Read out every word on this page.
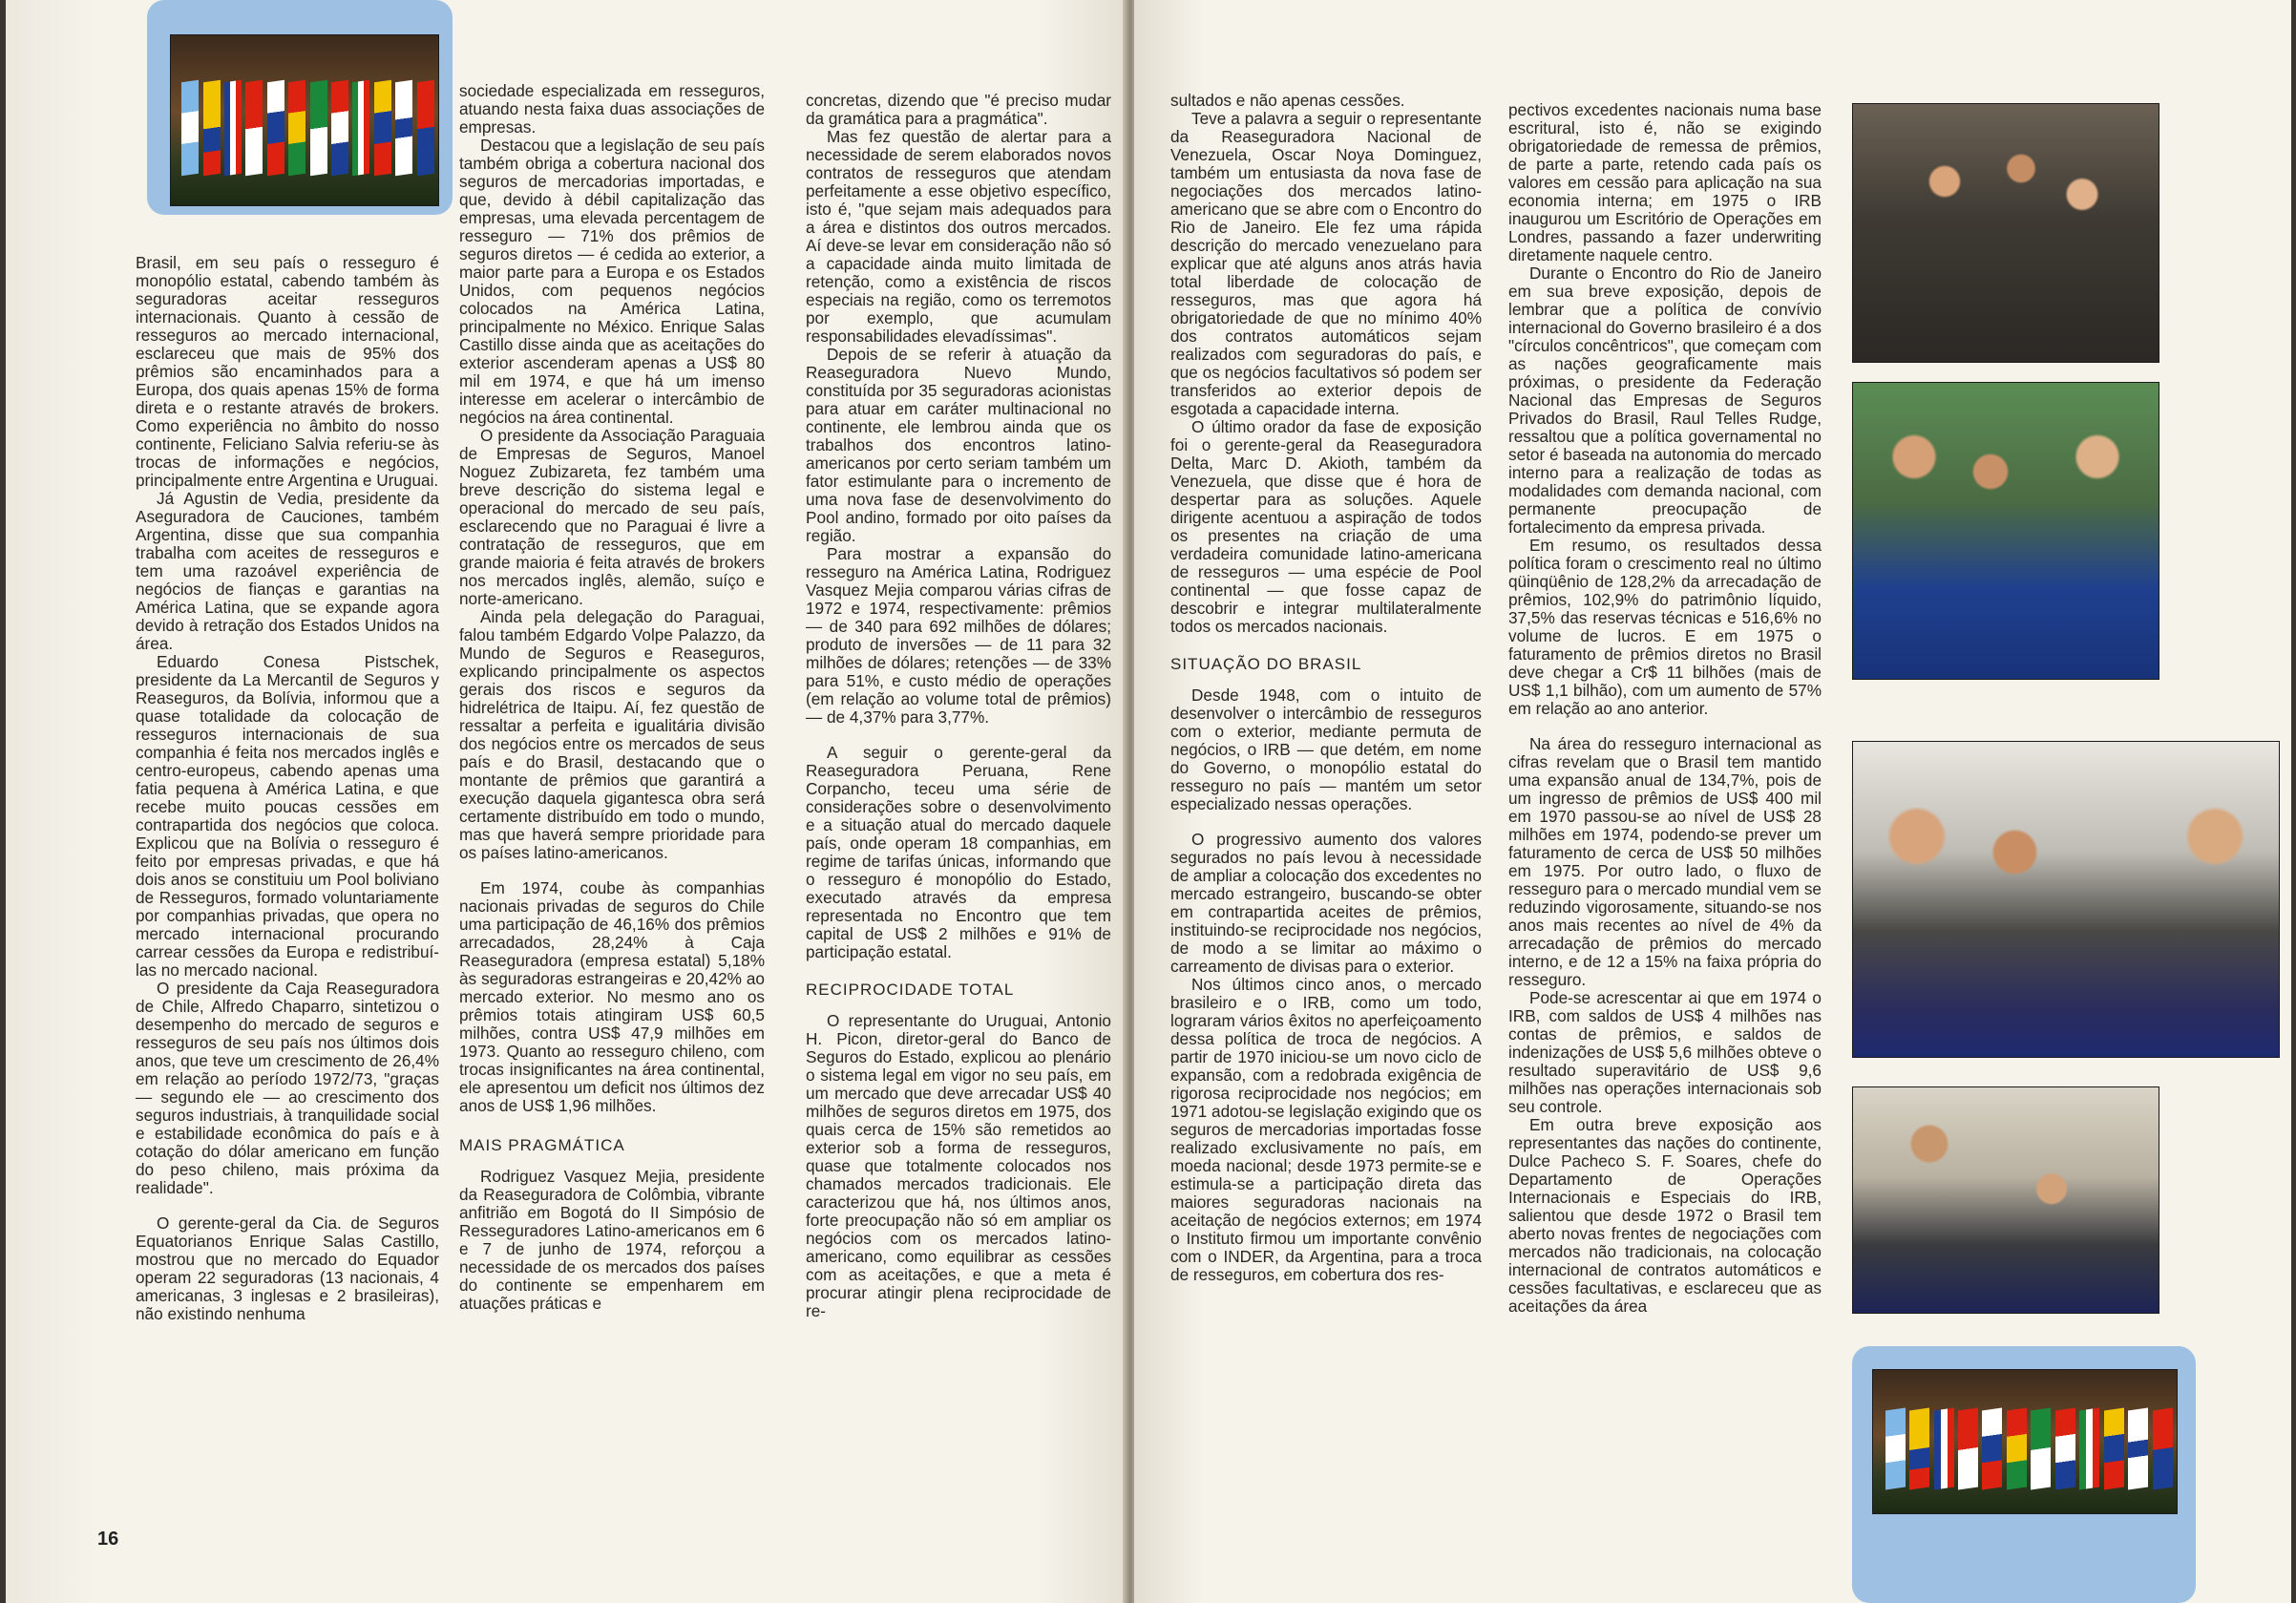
Brasil, em seu país o resseguro é monopólio estatal, cabendo também às seguradoras aceitar resseguros internacionais. Quanto à cessão de resseguros ao mercado internacional, esclareceu que mais de 95% dos prêmios são encaminhados para a Europa, dos quais apenas 15% de forma direta e o restante através de brokers. Como experiência no âmbito do nosso continente, Feliciano Salvia referiu-se às trocas de informações e negócios, principalmente entre Argentina e Uruguai.

Já Agustin de Vedia, presidente da Aseguradora de Cauciones, também Argentina, disse que sua companhia trabalha com aceites de resseguros e tem uma razoável experiência de negócios de fianças e garantias na América Latina, que se expande agora devido à retração dos Estados Unidos na área.

Eduardo Conesa Pistschek, presidente da La Mercantil de Seguros y Reaseguros, da Bolívia, informou que a quase totalidade da colocação de resseguros internacionais de sua companhia é feita nos mercados inglês e centro-europeus, cabendo apenas uma fatia pequena à América Latina, e que recebe muito poucas cessões em contrapartida dos negócios que coloca. Explicou que na Bolívia o resseguro é feito por empresas privadas, e que há dois anos se constituiu um Pool boliviano de Resseguros, formado voluntariamente por companhias privadas, que opera no mercado internacional procurando carrear cessões da Europa e redistribuí-las no mercado nacional.

O presidente da Caja Reaseguradora de Chile, Alfredo Chaparro, sintetizou o desempenho do mercado de seguros e resseguros de seu país nos últimos dois anos, que teve um crescimento de 26,4% em relação ao período 1972/73, "graças — segundo ele — ao crescimento dos seguros industriais, à tranquilidade social e estabilidade econômica do país e à cotação do dólar americano em função do peso chileno, mais próxima da realidade".

O gerente-geral da Cia. de Seguros Equatorianos Enrique Salas Castillo, mostrou que no mercado do Equador operam 22 seguradoras (13 nacionais, 4 americanas, 3 inglesas e 2 brasileiras), não existindo nenhuma

sociedade especializada em resseguros, atuando nesta faixa duas associações de empresas.

Destacou que a legislação de seu país também obriga a cobertura nacional dos seguros de mercadorias importadas, e que, devido à débil capitalização das empresas, uma elevada percentagem de resseguro — 71% dos prêmios de seguros diretos — é cedida ao exterior, a maior parte para a Europa e os Estados Unidos, com pequenos negócios colocados na América Latina, principalmente no México. Enrique Salas Castillo disse ainda que as aceitações do exterior ascenderam apenas a US$ 80 mil em 1974, e que há um imenso interesse em acelerar o intercâmbio de negócios na área continental.

O presidente da Associação Paraguaia de Empresas de Seguros, Manoel Noguez Zubizareta, fez também uma breve descrição do sistema legal e operacional do mercado de seu país, esclarecendo que no Paraguai é livre a contratação de resseguros, que em grande maioria é feita através de brokers nos mercados inglês, alemão, suíço e norte-americano.

Ainda pela delegação do Paraguai, falou também Edgardo Volpe Palazzo, da Mundo de Seguros e Reaseguros, explicando principalmente os aspectos gerais dos riscos e seguros da hidrelétrica de Itaipu. Aí, fez questão de ressaltar a perfeita e igualitária divisão dos negócios entre os mercados de seus país e do Brasil, destacando que o montante de prêmios que garantirá a execução daquela gigantesca obra será certamente distribuído em todo o mundo, mas que haverá sempre prioridade para os países latino-americanos.

Em 1974, coube às companhias nacionais privadas de seguros do Chile uma participação de 46,16% dos prêmios arrecadados, 28,24% à Caja Reaseguradora (empresa estatal) 5,18% às seguradoras estrangeiras e 20,42% ao mercado exterior. No mesmo ano os prêmios totais atingiram US$ 60,5 milhões, contra US$ 47,9 milhões em 1973. Quanto ao resseguro chileno, com trocas insignificantes na área continental, ele apresentou um deficit nos últimos dez anos de US$ 1,96 milhões.

MAIS PRAGMÁTICA

Rodriguez Vasquez Mejia, presidente da Reaseguradora de Colômbia, vibrante anfitrião em Bogotá do II Simpósio de Resseguradores Latino-americanos em 6 e 7 de junho de 1974, reforçou a necessidade de os mercados dos países do continente se empenharem em atuações práticas e

concretas, dizendo que "é preciso mudar da gramática para a pragmática".

Mas fez questão de alertar para a necessidade de serem elaborados novos contratos de resseguros que atendam perfeitamente a esse objetivo específico, isto é, "que sejam mais adequados para a área e distintos dos outros mercados. Aí deve-se levar em consideração não só a capacidade ainda muito limitada de retenção, como a existência de riscos especiais na região, como os terremotos por exemplo, que acumulam responsabilidades elevadíssimas".

Depois de se referir à atuação da Reaseguradora Nuevo Mundo, constituída por 35 seguradoras acionistas para atuar em caráter multinacional no continente, ele lembrou ainda que os trabalhos dos encontros latino-americanos por certo seriam também um fator estimulante para o incremento de uma nova fase de desenvolvimento do Pool andino, formado por oito países da região.

Para mostrar a expansão do resseguro na América Latina, Rodriguez Vasquez Mejia comparou várias cifras de 1972 e 1974, respectivamente: prêmios — de 340 para 692 milhões de dólares; produto de inversões — de 11 para 32 milhões de dólares; retenções — de 33% para 51%, e custo médio de operações (em relação ao volume total de prêmios) — de 4,37% para 3,77%.

A seguir o gerente-geral da Reaseguradora Peruana, Rene Corpancho, teceu uma série de considerações sobre o desenvolvimento e a situação atual do mercado daquele país, onde operam 18 companhias, em regime de tarifas únicas, informando que o resseguro é monopólio do Estado, executado através da empresa representada no Encontro que tem capital de US$ 2 milhões e 91% de participação estatal.

RECIPROCIDADE TOTAL

O representante do Uruguai, Antonio H. Picon, diretor-geral do Banco de Seguros do Estado, explicou ao plenário o sistema legal em vigor no seu país, em um mercado que deve arrecadar US$ 40 milhões de seguros diretos em 1975, dos quais cerca de 15% são remetidos ao exterior sob a forma de resseguros, quase que totalmente colocados nos chamados mercados tradicionais. Ele caracterizou que há, nos últimos anos, forte preocupação não só em ampliar os negócios com os mercados latino-americano, como equilibrar as cessões com as aceitações, e que a meta é procurar atingir plena reciprocidade de re-

16

sultados e não apenas cessões.

Teve a palavra a seguir o representante da Reaseguradora Nacional de Venezuela, Oscar Noya Dominguez, também um entusiasta da nova fase de negociações dos mercados latino-americano que se abre com o Encontro do Rio de Janeiro. Ele fez uma rápida descrição do mercado venezuelano para explicar que até alguns anos atrás havia total liberdade de colocação de resseguros, mas que agora há obrigatoriedade de que no mínimo 40% dos contratos automáticos sejam realizados com seguradoras do país, e que os negócios facultativos só podem ser transferidos ao exterior depois de esgotada a capacidade interna.

O último orador da fase de exposição foi o gerente-geral da Reaseguradora Delta, Marc D. Akioth, também da Venezuela, que disse que é hora de despertar para as soluções. Aquele dirigente acentuou a aspiração de todos os presentes na criação de uma verdadeira comunidade latino-americana de resseguros — uma espécie de Pool continental — que fosse capaz de descobrir e integrar multilateralmente todos os mercados nacionais.

SITUAÇÃO DO BRASIL

Desde 1948, com o intuito de desenvolver o intercâmbio de resseguros com o exterior, mediante permuta de negócios, o IRB — que detém, em nome do Governo, o monopólio estatal do resseguro no país — mantém um setor especializado nessas operações.

O progressivo aumento dos valores segurados no país levou à necessidade de ampliar a colocação dos excedentes no mercado estrangeiro, buscando-se obter em contrapartida aceites de prêmios, instituindo-se reciprocidade nos negócios, de modo a se limitar ao máximo o carreamento de divisas para o exterior.

Nos últimos cinco anos, o mercado brasileiro e o IRB, como um todo, lograram vários êxitos no aperfeiçoamento dessa política de troca de negócios. A partir de 1970 iniciou-se um novo ciclo de expansão, com a redobrada exigência de rigorosa reciprocidade nos negócios; em 1971 adotou-se legislação exigindo que os seguros de mercadorias importadas fosse realizado exclusivamente no país, em moeda nacional; desde 1973 permite-se e estimula-se a participação direta das maiores seguradoras nacionais na aceitação de negócios externos; em 1974 o Instituto firmou um importante convênio com o INDER, da Argentina, para a troca de resseguros, em cobertura dos res-

pectivos excedentes nacionais numa base escritural, isto é, não se exigindo obrigatoriedade de remessa de prêmios, de parte a parte, retendo cada país os valores em cessão para aplicação na sua economia interna; em 1975 o IRB inaugurou um Escritório de Operações em Londres, passando a fazer underwriting diretamente naquele centro.

Durante o Encontro do Rio de Janeiro em sua breve exposição, depois de lembrar que a política de convívio internacional do Governo brasileiro é a dos "círculos concêntricos", que começam com as nações geograficamente mais próximas, o presidente da Federação Nacional das Empresas de Seguros Privados do Brasil, Raul Telles Rudge, ressaltou que a política governamental no setor é baseada na autonomia do mercado interno para a realização de todas as modalidades com demanda nacional, com permanente preocupação de fortalecimento da empresa privada.

Em resumo, os resultados dessa política foram o crescimento real no último qüinqüênio de 128,2% da arrecadação de prêmios, 102,9% do patrimônio líquido, 37,5% das reservas técnicas e 516,6% no volume de lucros. E em 1975 o faturamento de prêmios diretos no Brasil deve chegar a Cr$ 11 bilhões (mais de US$ 1,1 bilhão), com um aumento de 57% em relação ao ano anterior.

Na área do resseguro internacional as cifras revelam que o Brasil tem mantido uma expansão anual de 134,7%, pois de um ingresso de prêmios de US$ 400 mil em 1970 passou-se ao nível de US$ 28 milhões em 1974, podendo-se prever um faturamento de cerca de US$ 50 milhões em 1975. Por outro lado, o fluxo de resseguro para o mercado mundial vem se reduzindo vigorosamente, situando-se nos anos mais recentes ao nível de 4% da arrecadação de prêmios do mercado interno, e de 12 a 15% na faixa própria do resseguro.

Pode-se acrescentar ai que em 1974 o IRB, com saldos de US$ 4 milhões nas contas de prêmios, e saldos de indenizações de US$ 5,6 milhões obteve o resultado superavitário de US$ 9,6 milhões nas operações internacionais sob seu controle.

Em outra breve exposição aos representantes das nações do continente, Dulce Pacheco S. F. Soares, chefe do Departamento de Operações Internacionais e Especiais do IRB, salientou que desde 1972 o Brasil tem aberto novas frentes de negociações com mercados não tradicionais, na colocação internacional de contratos automáticos e cessões facultativas, e esclareceu que as aceitações da área
